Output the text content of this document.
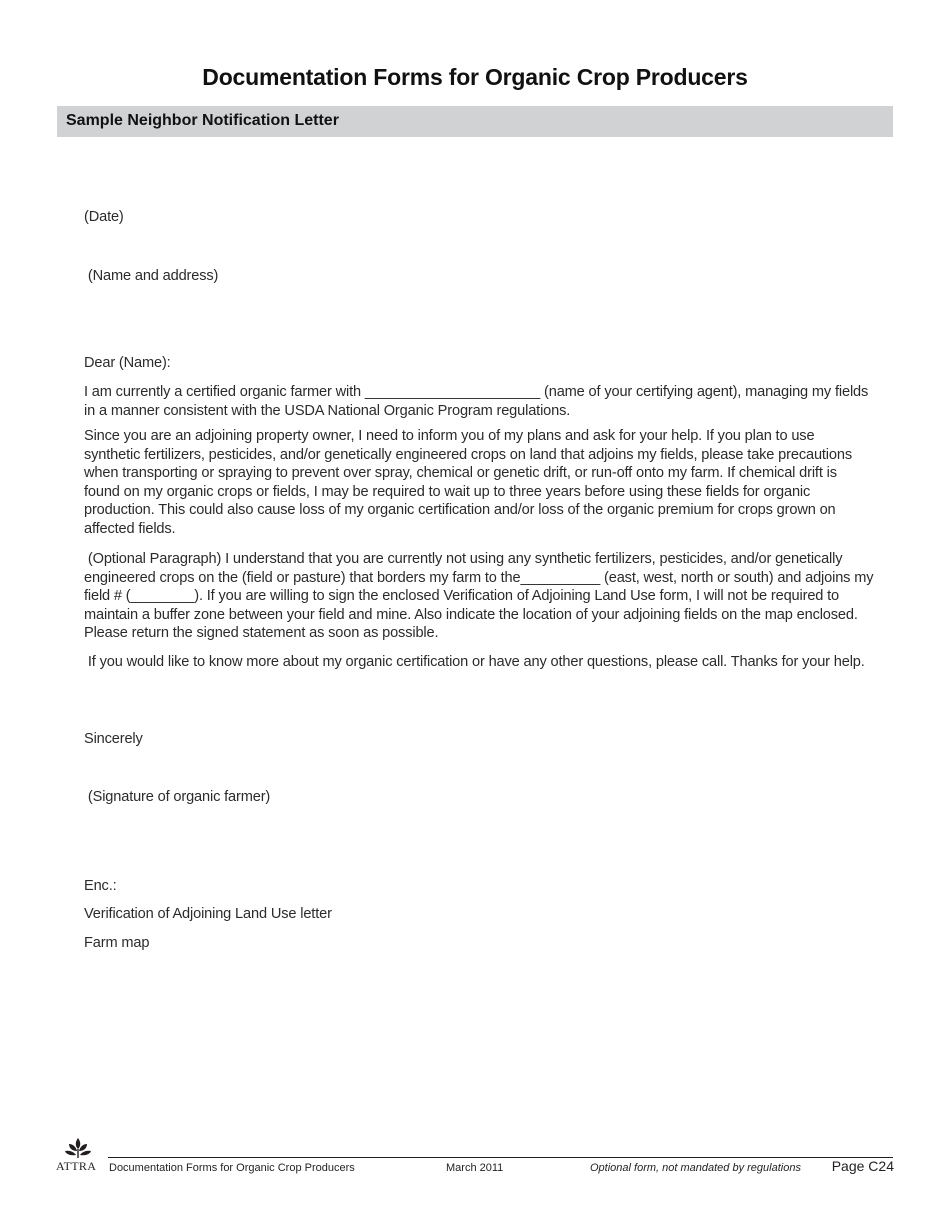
Documentation Forms for Organic Crop Producers
Sample Neighbor Notification Letter

(Date)

(Name and address)

Dear (Name):

I am currently a certified organic farmer with ______________________ (name of your certifying agent), managing my fields in a manner consistent with the USDA National Organic Program regulations.

Since you are an adjoining property owner, I need to inform you of my plans and ask for your help. If you plan to use synthetic fertilizers, pesticides, and/or genetically engineered crops on land that adjoins my fields, please take precautions when transporting or spraying to prevent over spray, chemical or genetic drift, or run-off onto my farm. If chemical drift is found on my organic crops or fields, I may be required to wait up to three years before using these fields for organic production. This could also cause loss of my organic certification and/or loss of the organic premium for crops grown on affected fields.

(Optional Paragraph) I understand that you are currently not using any synthetic fertilizers, pesticides, and/or genetically engineered crops on the (field or pasture) that borders my farm to the__________ (east, west, north or south) and adjoins my field # (________). If you are willing to sign the enclosed Verification of Adjoining Land Use form, I will not be required to maintain a buffer zone between your field and mine. Also indicate the location of your adjoining fields on the map enclosed. Please return the signed statement as soon as possible.

If you would like to know more about my organic certification or have any other questions, please call. Thanks for your help.

Sincerely

(Signature of organic farmer)

Enc.:

Verification of Adjoining Land Use letter

Farm map

ATTRA Documentation Forms for Organic Crop Producers	March 2011	Optional form, not mandated by regulations Page C24
